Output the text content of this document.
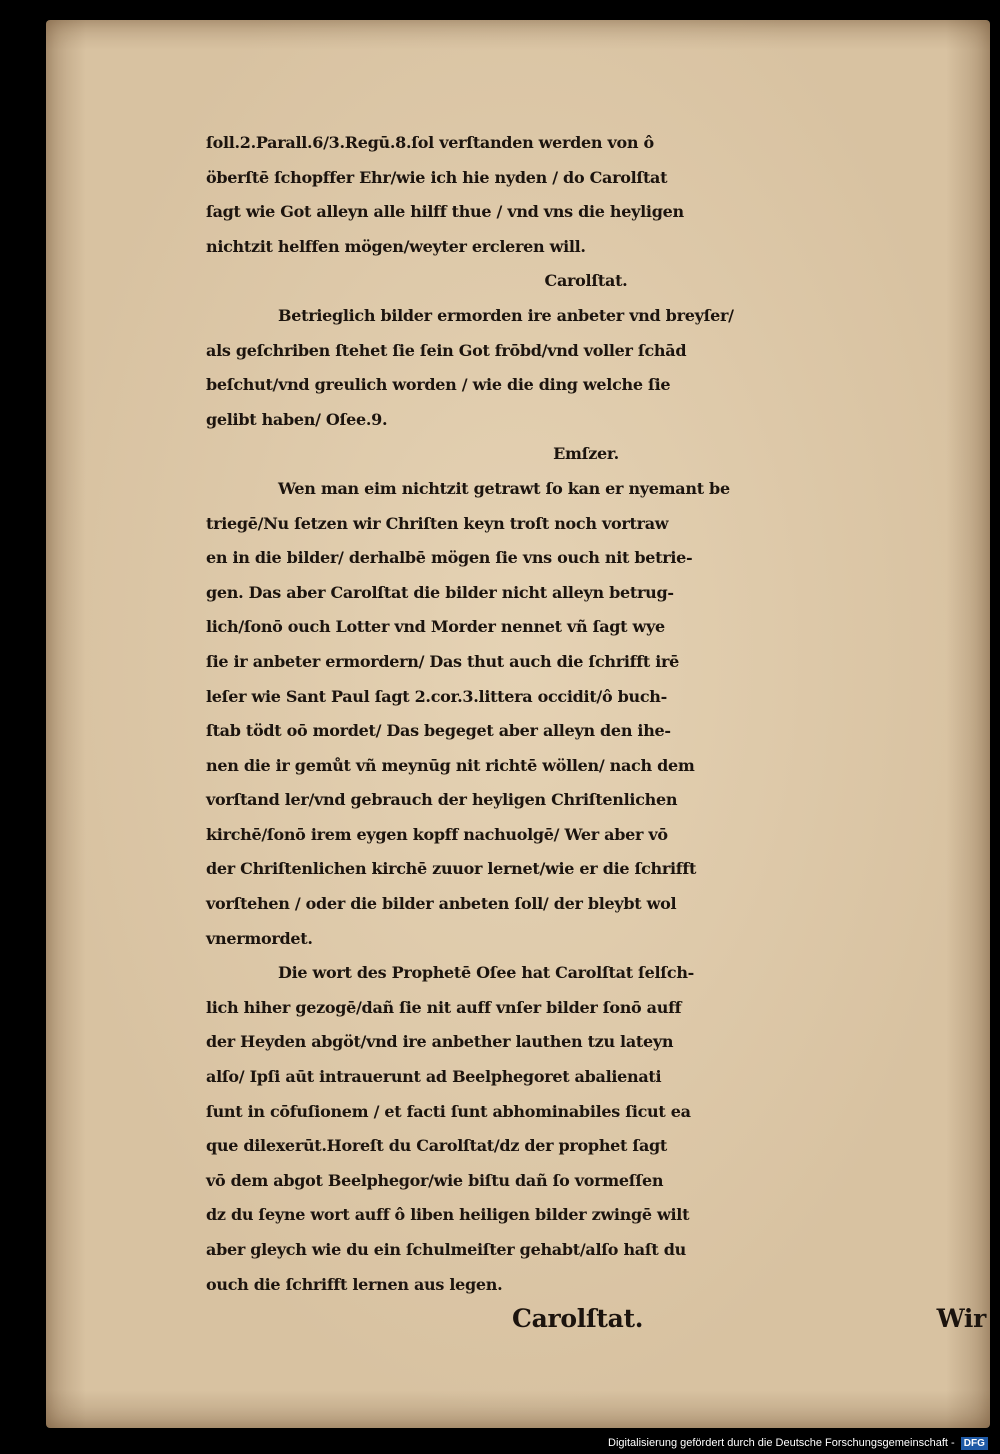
ſoll.2.Parall.6/3.Regū.8.ſol verſtanden werden von ô
öberſtē ſchopffer Ehr/wie ich hie nyden / do Carolſtat
ſagt wie Got alleyn alle hilff thue / vnd vns die heyligen
nichtzit helffen mögen/weyter ercleren will.
Carolſtat.
Betrieglich bilder ermorden ire anbeter vnd breyſer/
als geſchriben ſtehet ſie ſein Got frōbd/vnd voller ſchād
beſchut/vnd greulich worden / wie die ding welche ſie
gelibt haben/ Oſee.9.
Emſzer.
Wen man eim nichtzit getrawt ſo kan er nyemant be
triegē/Nu ſetzen wir Chriſten keyn troſt noch vortraw
en in die bilder/ derhalbē mögen ſie vns ouch nit betrie-
gen. Das aber Carolſtat die bilder nicht alleyn betrug-
lich/ſonō ouch Lotter vnd Morder nennet vñ ſagt wye
ſie ir anbeter ermordern/ Das thut auch die ſchrifft irē
leſer wie Sant Paul ſagt 2.cor.3.littera occidit/ô buch-
ſtab tödt oō mordet/ Das begeget aber alleyn den ihe-
nen die ir gemůt vñ meynūg nit richtē wöllen/ nach dem
vorſtand ler/vnd gebrauch der heyligen Chriſtenlichen
kirchē/ſonō irem eygen kopff nachuolgē/ Wer aber vō
der Chriſtenlichen kirchē zuuor lernet/wie er die ſchrifft
vorſtehen / oder die bilder anbeten ſoll/ der bleybt wol
vnermordet.
Die wort des Prophetē Oſee hat Carolſtat ſelſch-
lich hiher gezogē/dañ ſie nit auff vnſer bilder ſonō auff
der Heyden abgöt/vnd ire anbether lauthen tzu lateyn
alſo/ Ipſi aūt intrauerunt ad Beelphegoret abalienati
ſunt in cōfuſionem / et facti ſunt abhominabiles ſicut ea
que dilexerūt.Horeſt du Carolſtat/dz der prophet ſagt
vō dem abgot Beelphegor/wie biſtu dañ ſo vormeſſen
dz du ſeyne wort auff ô liben heiligen bilder zwingē wilt
aber gleych wie du ein ſchulmeiſter gehabt/alſo haſt du
ouch die ſchrifft lernen aus legen.
Carolſtat.	Wir
Digitalisierung gefördert durch die Deutsche Forschungsgemeinschaft - DFG
